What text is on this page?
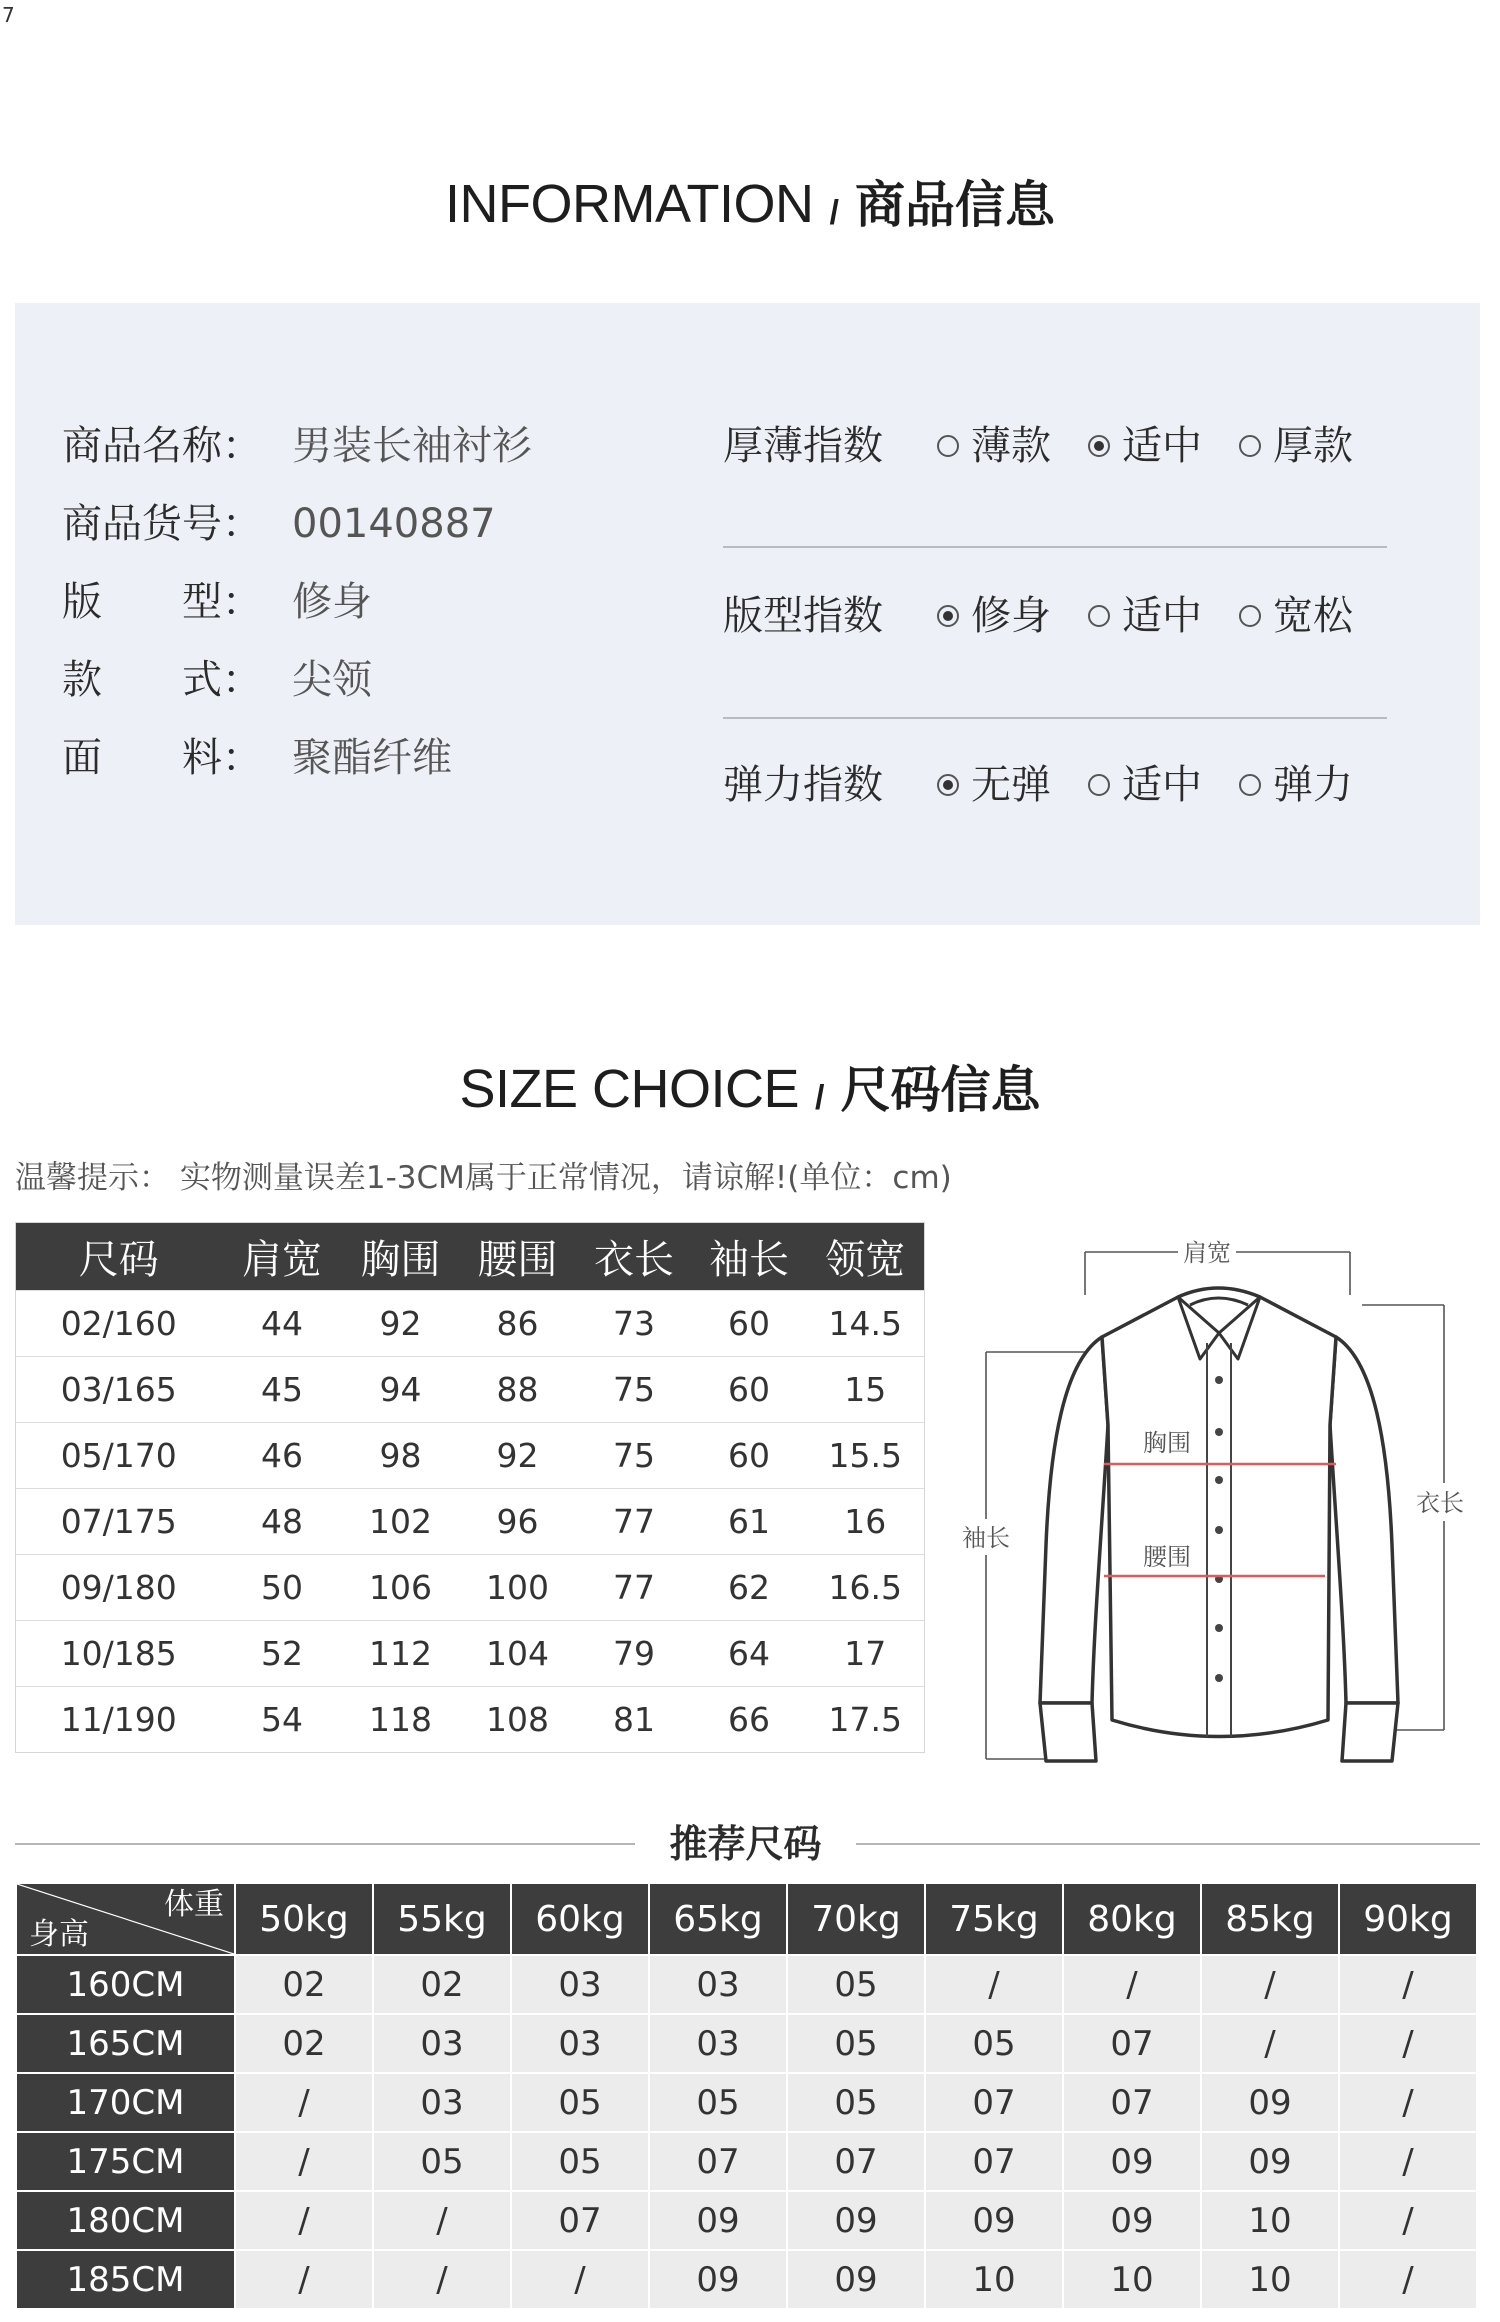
7
INFORMATION / 商品信息
商品名称： 男装长袖衬衫
商品货号： 00140887
版　　型： 修身
款　　式： 尖领
面　　料： 聚酯纤维
厚薄指数 薄款 适中 厚款
版型指数 修身 适中 宽松
弹力指数 无弹 适中 弹力
SIZE CHOICE / 尺码信息
温馨提示： 实物测量误差1-3CM属于正常情况，请谅解!(单位：cm)
尺码	肩宽	胸围	腰围	衣长	袖长	领宽
02/160	44	92	86	73	60	14.5
03/165	45	94	88	75	60	15
05/170	46	98	92	75	60	15.5
07/175	48	102	96	77	61	16
09/180	50	106	100	77	62	16.5
10/185	52	112	104	79	64	17
11/190	54	118	108	81	66	17.5
肩宽
衣长
袖长
胸围
腰围
推荐尺码
体重
身高	50kg	55kg	60kg	65kg	70kg	75kg	80kg	85kg	90kg
160CM	02	02	03	03	05	/	/	/	/
165CM	02	03	03	03	05	05	07	/	/
170CM	/	03	05	05	05	07	07	09	/
175CM	/	05	05	07	07	07	09	09	/
180CM	/	/	07	09	09	09	09	10	/
185CM	/	/	/	09	09	10	10	10	/
